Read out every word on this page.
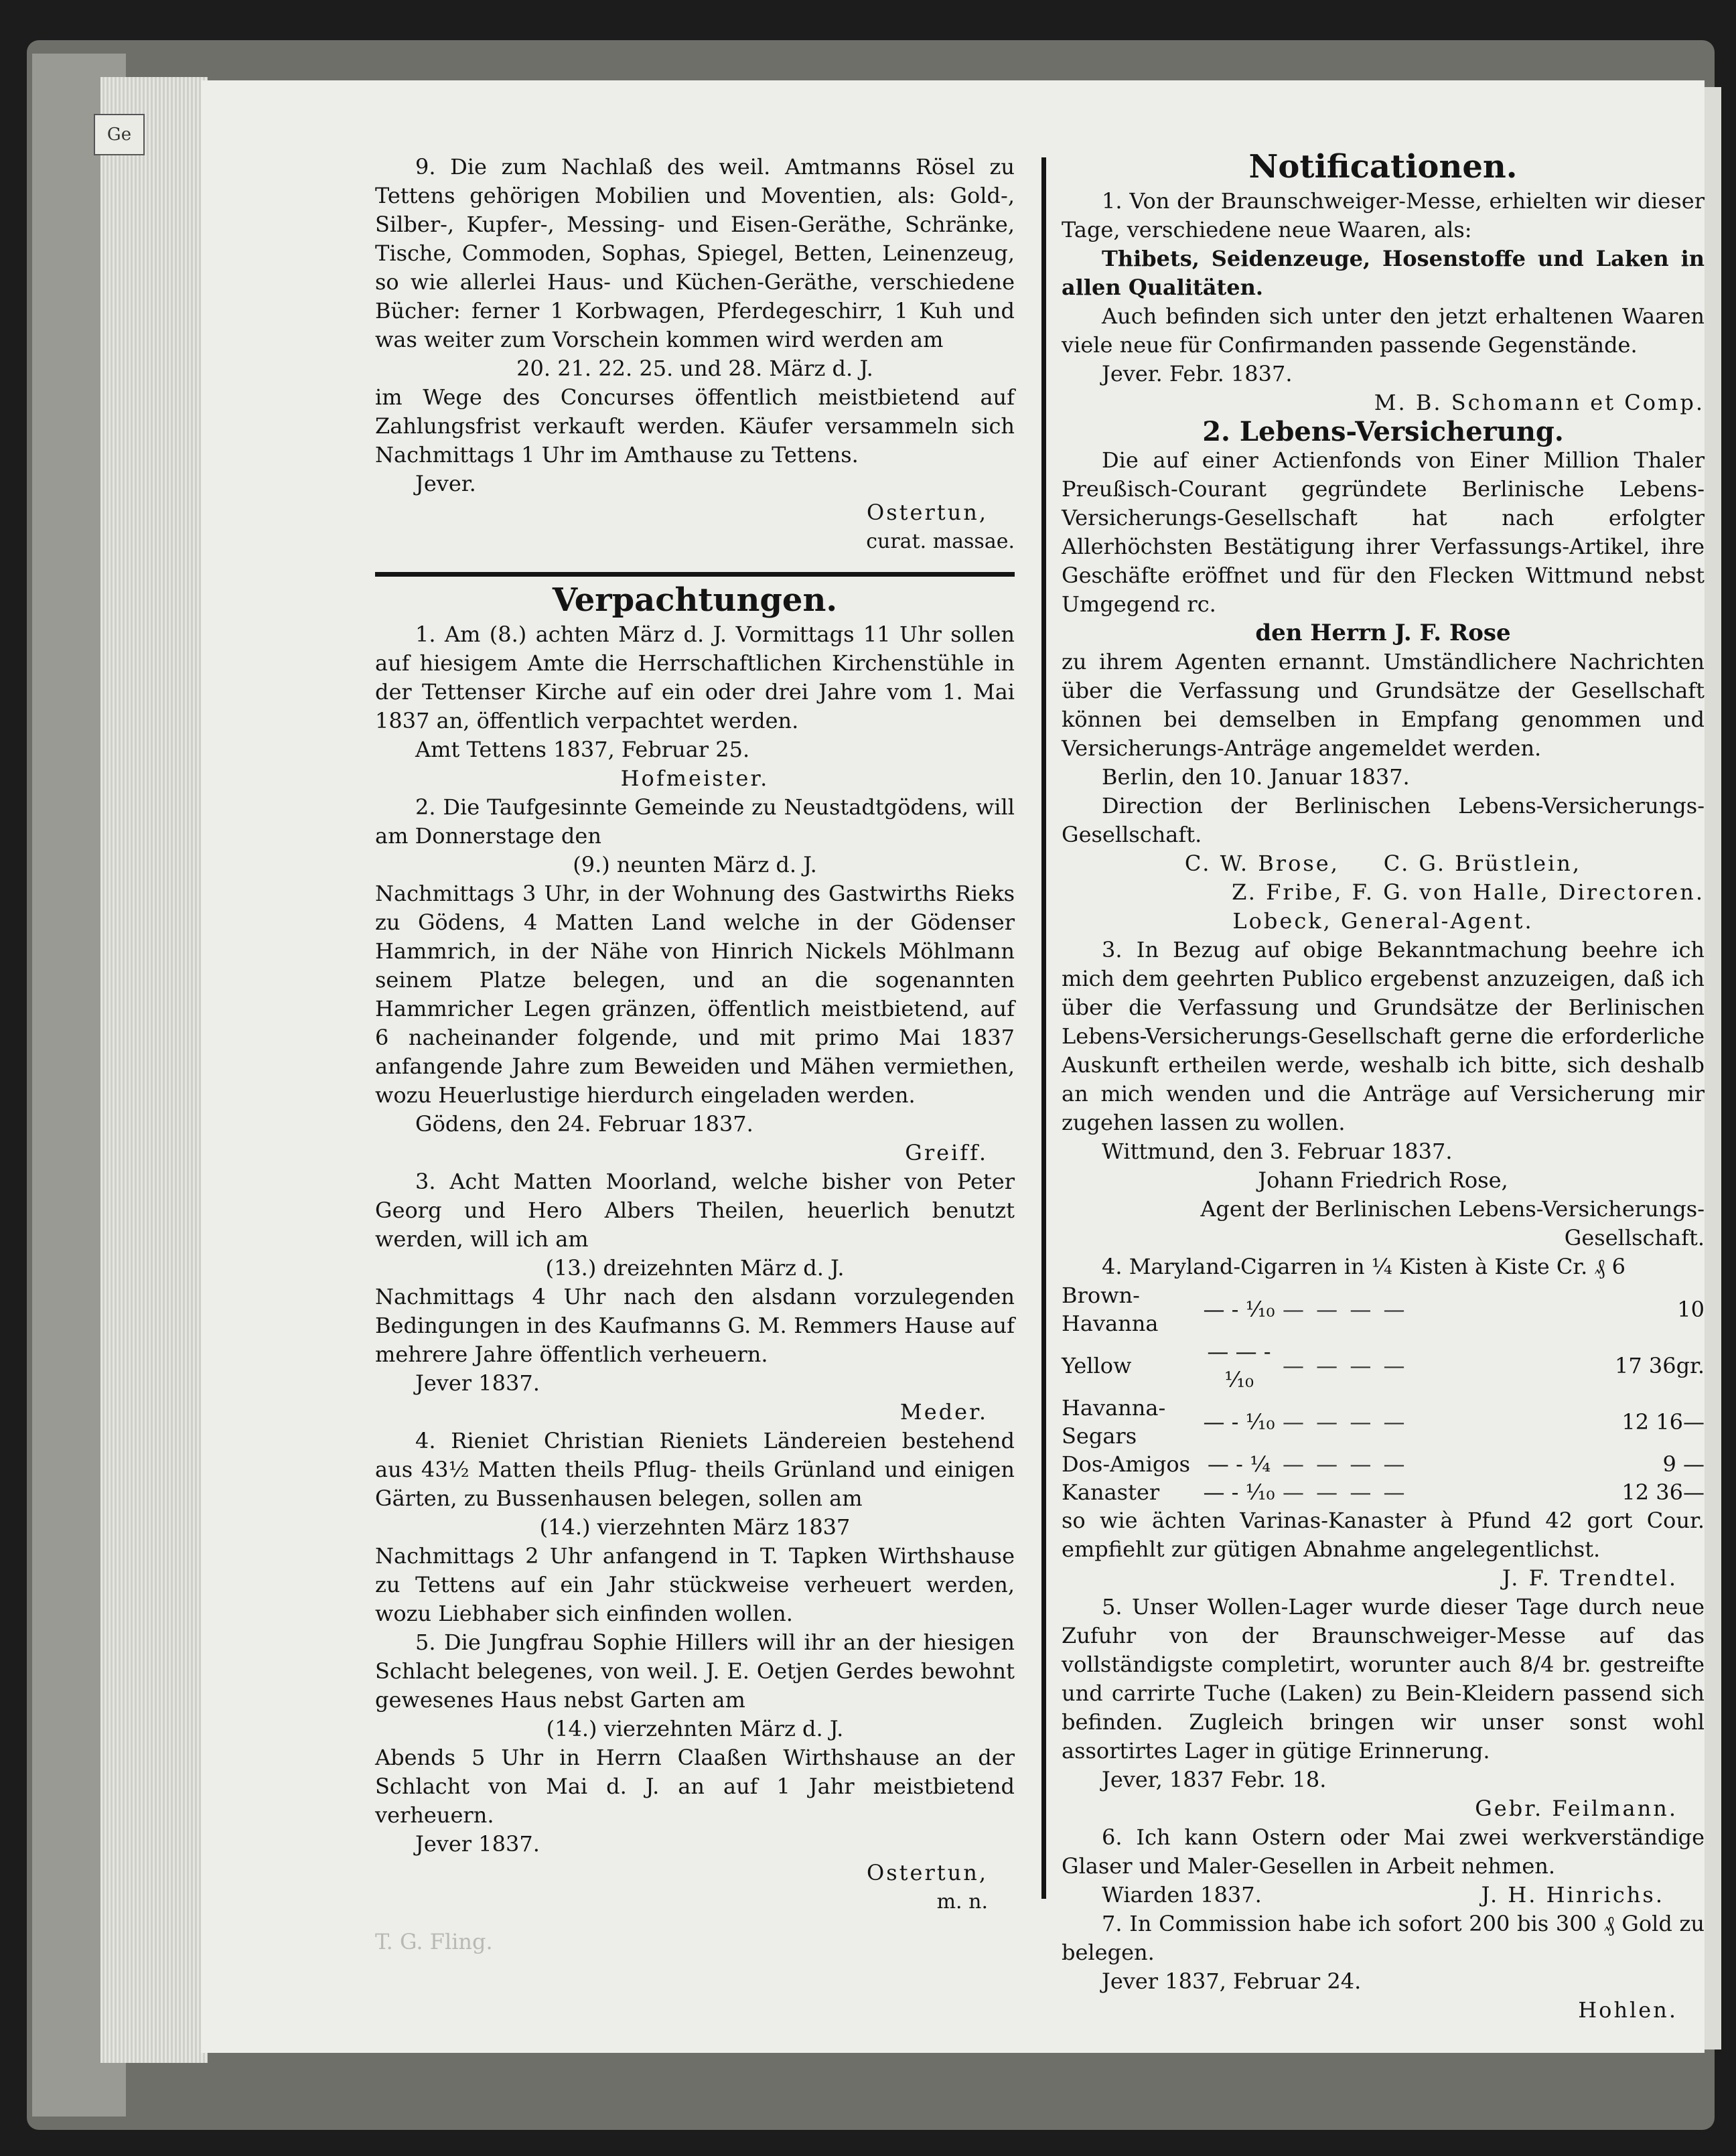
Ge

9. Die zum Nachlaß des weil. Amtmanns Rösel zu Tettens gehörigen Mobilien und Moventien, als: Gold-, Silber-, Kupfer-, Messing- und Eisen-Geräthe, Schränke, Tische, Commoden, Sophas, Spiegel, Betten, Leinenzeug, so wie allerlei Haus- und Küchen-Geräthe, verschiedene Bücher: ferner 1 Korbwagen, Pferdegeschirr, 1 Kuh und was weiter zum Vorschein kommen wird werden am

20. 21. 22. 25. und 28. März d. J.

im Wege des Concurses öffentlich meistbietend auf Zahlungsfrist verkauft werden. Käufer versammeln sich Nachmittags 1 Uhr im Amthause zu Tettens.

Jever.

Ostertun,

curat. massae.

Verpachtungen.

1. Am (8.) achten März d. J. Vormittags 11 Uhr sollen auf hiesigem Amte die Herrschaftlichen Kirchenstühle in der Tettenser Kirche auf ein oder drei Jahre vom 1. Mai 1837 an, öffentlich verpachtet werden.

Amt Tettens 1837, Februar 25.

Hofmeister.

2. Die Taufgesinnte Gemeinde zu Neustadtgödens, will am Donnerstage den

(9.) neunten März d. J.

Nachmittags 3 Uhr, in der Wohnung des Gastwirths Rieks zu Gödens, 4 Matten Land welche in der Gödenser Hammrich, in der Nähe von Hinrich Nickels Möhlmann seinem Platze belegen, und an die sogenannten Hammricher Legen gränzen, öffentlich meistbietend, auf 6 nacheinander folgende, und mit primo Mai 1837 anfangende Jahre zum Beweiden und Mähen vermiethen, wozu Heuerlustige hierdurch eingeladen werden.

Gödens, den 24. Februar 1837.

Greiff.

3. Acht Matten Moorland, welche bisher von Peter Georg und Hero Albers Theilen, heuerlich benutzt werden, will ich am

(13.) dreizehnten März d. J.

Nachmittags 4 Uhr nach den alsdann vorzulegenden Bedingungen in des Kaufmanns G. M. Remmers Hause auf mehrere Jahre öffentlich verheuern.

Jever 1837.

Meder.

4. Rieniet Christian Rieniets Ländereien bestehend aus 43½ Matten theils Pflug- theils Grünland und einigen Gärten, zu Bussenhausen belegen, sollen am

(14.) vierzehnten März 1837

Nachmittags 2 Uhr anfangend in T. Tapken Wirthshause zu Tettens auf ein Jahr stückweise verheuert werden, wozu Liebhaber sich einfinden wollen.

5. Die Jungfrau Sophie Hillers will ihr an der hiesigen Schlacht belegenes, von weil. J. E. Oetjen Gerdes bewohnt gewesenes Haus nebst Garten am

(14.) vierzehnten März d. J.

Abends 5 Uhr in Herrn Claaßen Wirthshause an der Schlacht von Mai d. J. an auf 1 Jahr meistbietend verheuern.

Jever 1837.

Ostertun,

m. n.

T. G. Fling.
Notificationen.

1. Von der Braunschweiger-Messe, erhielten wir dieser Tage, verschiedene neue Waaren, als:

Thibets, Seidenzeuge, Hosenstoffe und Laken in allen Qualitäten.

Auch befinden sich unter den jetzt erhaltenen Waaren viele neue für Confirmanden passende Gegenstände.

Jever. Febr. 1837.

M. B. Schomann et Comp.

2. Lebens-Versicherung.

Die auf einer Actienfonds von Einer Million Thaler Preußisch-Courant gegründete Berlinische Lebens-Versicherungs-Gesellschaft hat nach erfolgter Allerhöchsten Bestätigung ihrer Verfassungs-Artikel, ihre Geschäfte eröffnet und für den Flecken Wittmund nebst Umgegend rc.

den Herrn J. F. Rose

zu ihrem Agenten ernannt. Umständlichere Nachrichten über die Verfassung und Grundsätze der Gesellschaft können bei demselben in Empfang genommen und Versicherungs-Anträge angemeldet werden.

Berlin, den 10. Januar 1837.

Direction der Berlinischen Lebens-Versicherungs-Gesellschaft.

C. W. Brose,     C. G. Brüstlein,

Z. Fribe, F. G. von Halle, Directoren.

Lobeck, General-Agent.

3. In Bezug auf obige Bekanntmachung beehre ich mich dem geehrten Publico ergebenst anzuzeigen, daß ich über die Verfassung und Grundsätze der Berlinischen Lebens-Versicherungs-Gesellschaft gerne die erforderliche Auskunft ertheilen werde, weshalb ich bitte, sich deshalb an mich wenden und die Anträge auf Versicherung mir zugehen lassen zu wollen.

Wittmund, den 3. Februar 1837.

Johann Friedrich Rose,

Agent der Berlinischen Lebens-Versicherungs-Gesellschaft.

4. Maryland-Cigarren in ¼ Kisten à Kiste Cr. ₰ 6

Brown-Havanna	— - ⅒	— — — —	10
Yellow	— — - ⅒	— — — —	17 36gr.
Havanna-Segars	— - ⅒	— — — —	12 16—
Dos-Amigos	— - ¼	— — — —	9 —
Kanaster	— - ⅒	— — — —	12 36—

so wie ächten Varinas-Kanaster à Pfund 42 gort Cour. empfiehlt zur gütigen Abnahme angelegentlichst.

J. F. Trendtel.

5. Unser Wollen-Lager wurde dieser Tage durch neue Zufuhr von der Braunschweiger-Messe auf das vollständigste completirt, worunter auch 8/4 br. gestreifte und carrirte Tuche (Laken) zu Bein-Kleidern passend sich befinden. Zugleich bringen wir unser sonst wohl assortirtes Lager in gütige Erinnerung.

Jever, 1837 Febr. 18.

Gebr. Feilmann.

6. Ich kann Ostern oder Mai zwei werkverständige Glaser und Maler-Gesellen in Arbeit nehmen.

Wiarden 1837.	J. H. Hinrichs.

7. In Commission habe ich sofort 200 bis 300 ₰ Gold zu belegen.

Jever 1837, Februar 24.

Hohlen.
